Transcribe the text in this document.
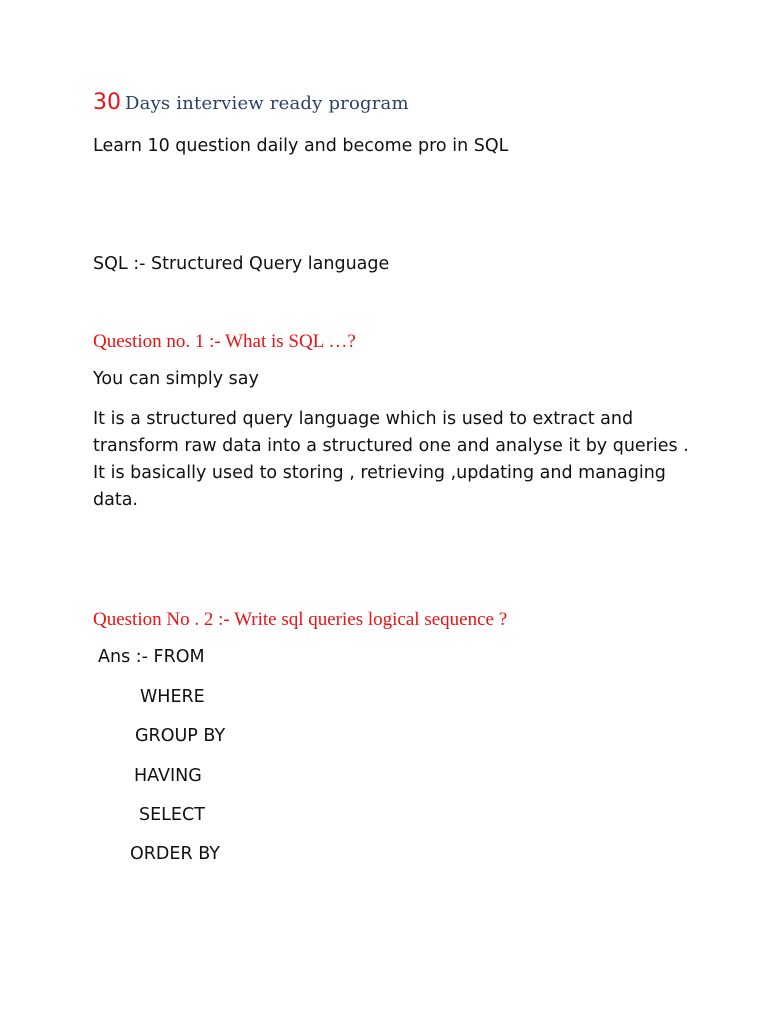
30 Days interview ready program
Learn 10 question daily and become pro in SQL
SQL :- Structured Query language
Question no. 1 :- What is SQL …?
You can simply say
It is a structured query language which is used to extract and
transform raw data into a structured one and analyse it by queries .
It is basically used to storing , retrieving ,updating and managing
data.
Question No . 2 :- Write sql queries logical sequence ?
Ans :- FROM
WHERE
GROUP BY
HAVING
SELECT
ORDER BY
